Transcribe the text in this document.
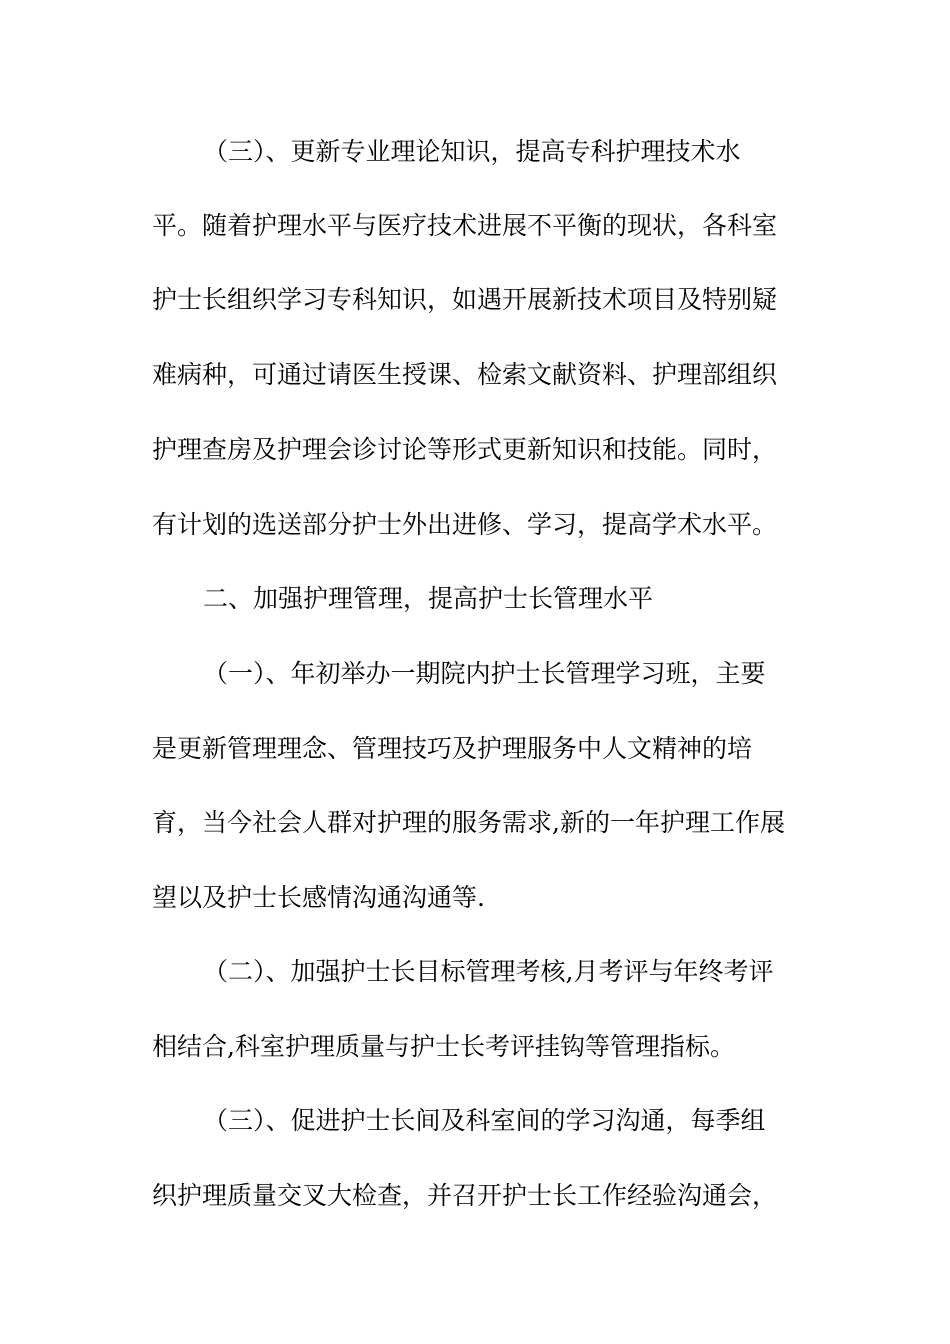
（三）、更新专业理论知识，提高专科护理技术水
平。随着护理水平与医疗技术进展不平衡的现状，各科室
护士长组织学习专科知识，如遇开展新技术项目及特别疑
难病种，可通过请医生授课、检索文献资料、护理部组织
护理查房及护理会诊讨论等形式更新知识和技能。同时，
有计划的选送部分护士外出进修、学习，提高学术水平。
二、加强护理管理，提高护士长管理水平
（一）、年初举办一期院内护士长管理学习班，主要
是更新管理理念、管理技巧及护理服务中人文精神的培
育，当今社会人群对护理的服务需求,新的一年护理工作展
望以及护士长感情沟通沟通等.
（二）、加强护士长目标管理考核,月考评与年终考评
相结合,科室护理质量与护士长考评挂钩等管理指标。
（三）、促进护士长间及科室间的学习沟通，每季组
织护理质量交叉大检查，并召开护士长工作经验沟通会，
